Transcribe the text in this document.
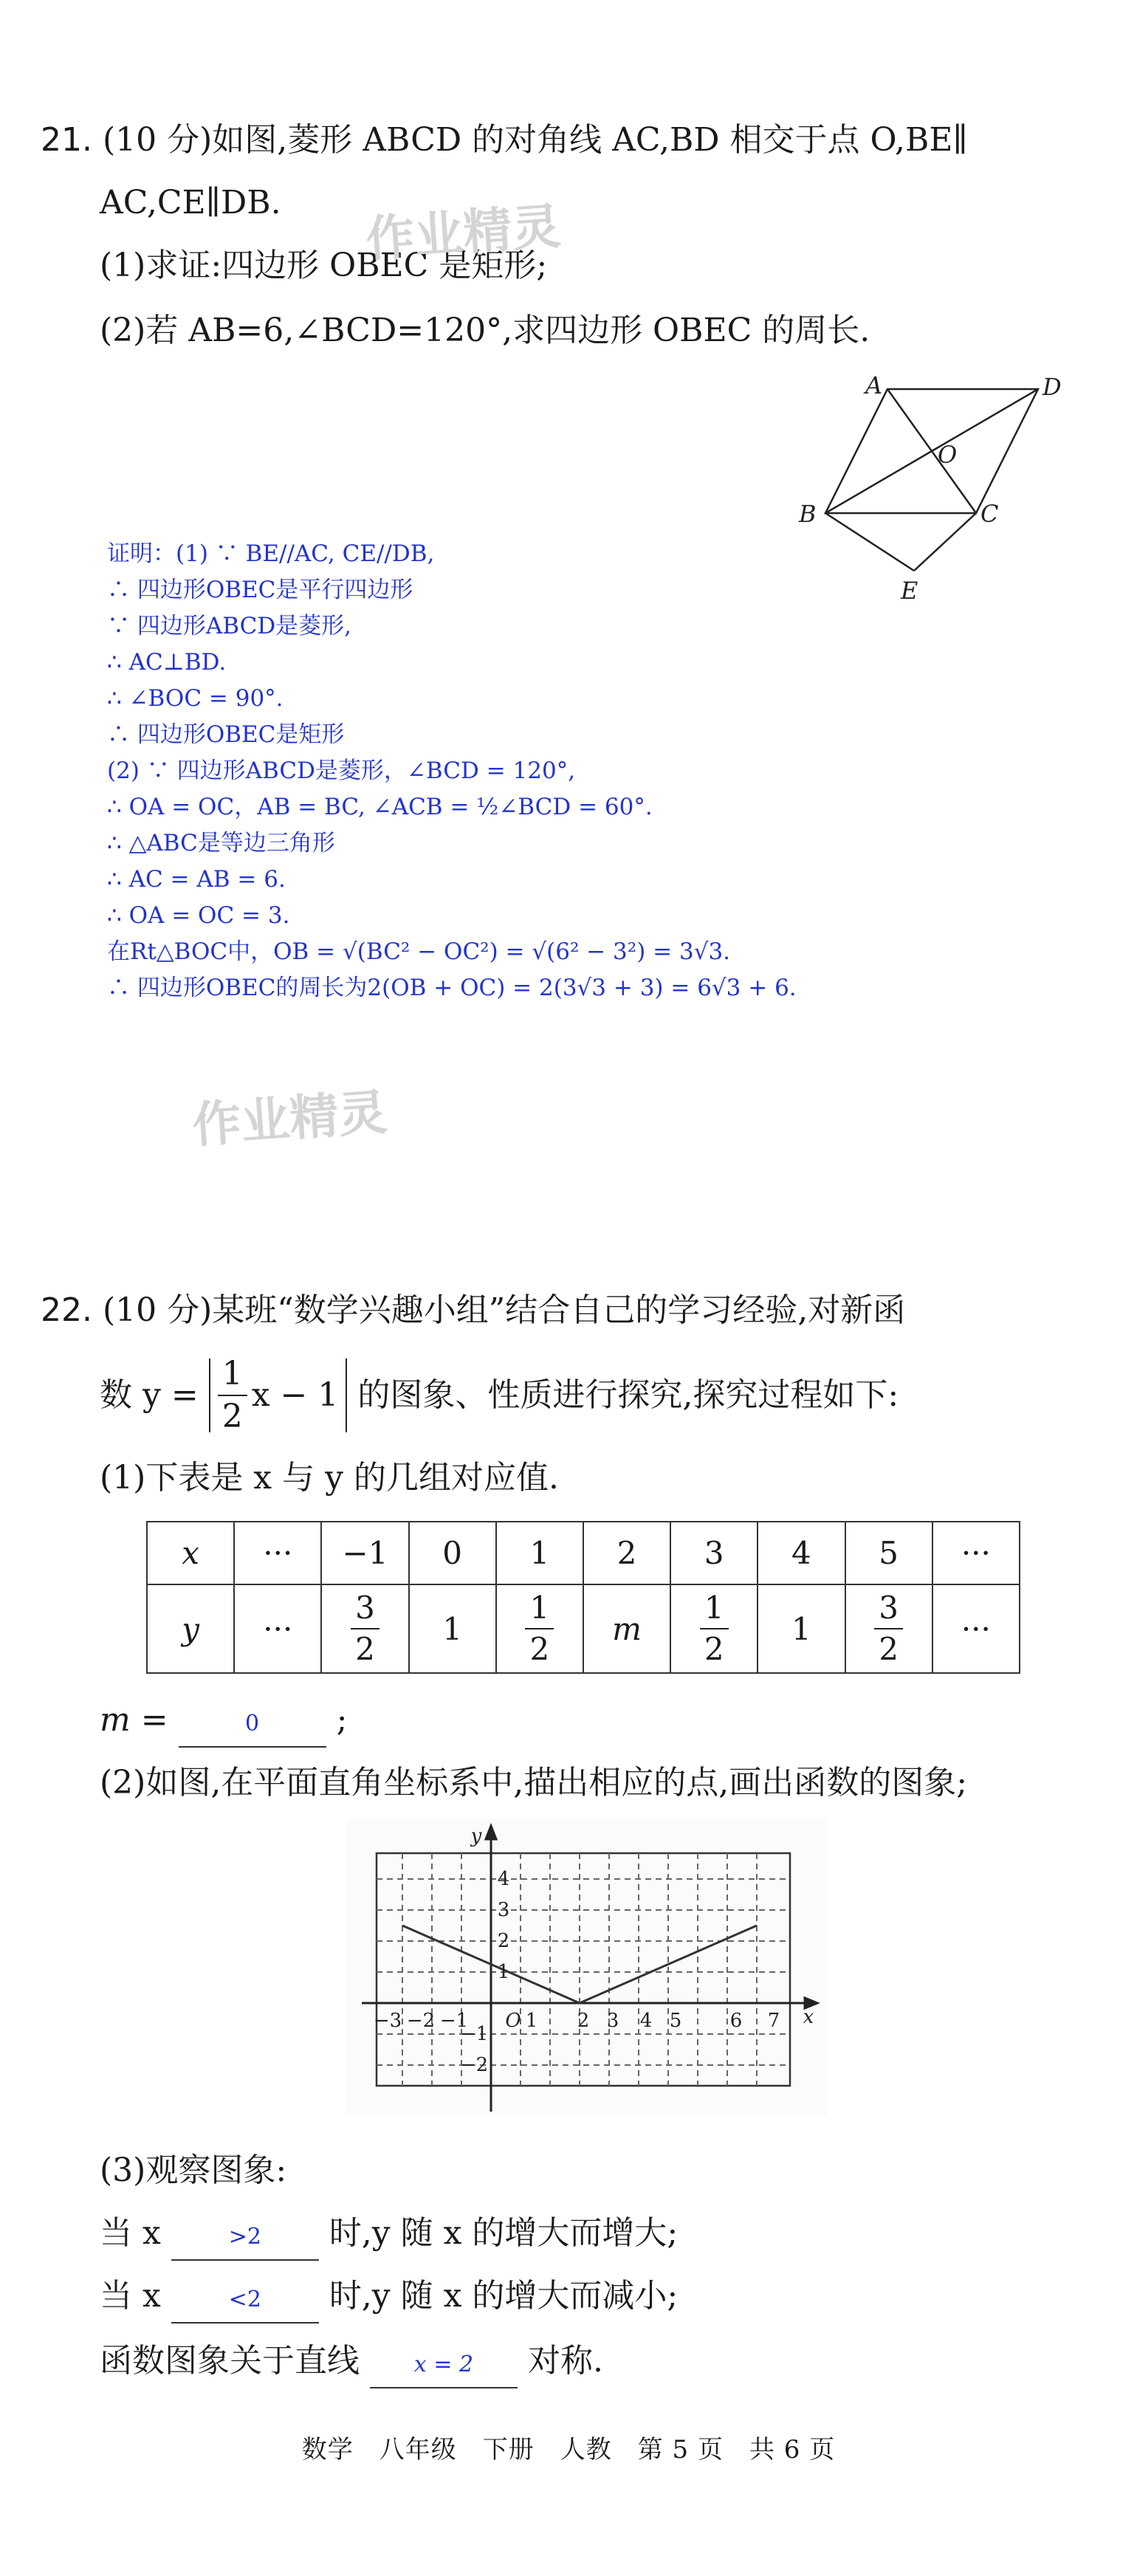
21. (10 分)如图,菱形 ABCD 的对角线 AC,BD 相交于点 O,BE∥
AC,CE∥DB.
(1)求证:四边形 OBEC 是矩形;
(2)若 AB=6,∠BCD=120°,求四边形 OBEC 的周长.
作业精灵
A	D
O
B	C
E
证明：(1) ∵ BE//AC, CE//DB,
∴ 四边形OBEC是平行四边形
∵ 四边形ABCD是菱形,
∴ AC⊥BD.
∴ ∠BOC = 90°.
∴ 四边形OBEC是矩形
(2) ∵ 四边形ABCD是菱形，∠BCD = 120°,
∴ OA = OC，AB = BC, ∠ACB = ½∠BCD = 60°.
∴ △ABC是等边三角形
∴ AC = AB = 6.
∴ OA = OC = 3.
在Rt△BOC中，OB = √(BC² − OC²) = √(6² − 3²) = 3√3.
∴ 四边形OBEC的周长为2(OB + OC) = 2(3√3 + 3) = 6√3 + 6.
作业精灵
22. (10 分)某班“数学兴趣小组”结合自己的学习经验,对新函
数 $y = \frac{1}{2}$ x − 1 的图象、性质进行探究,探究过程如下:
(1)下表是 x 与 y 的几组对应值.
x	···	−1	0	1	2	3	4	5	···
y	···	$\frac{3}{2}$	1	$\frac{1}{2}$	m	$\frac{1}{2}$	1	$\frac{3}{2}$	···
m =	0 ;
(2)如图,在平面直角坐标系中,描出相应的点,画出函数的图象;
−3 −2 −1	1 2 3 4 5	6 7
O
4
3
2
1
−1
−2
x
y
(3)观察图象:
当 x	>2 时,y 随 x 的增大而增大;
当 x	<2 时,y 随 x 的增大而减小;
函数图象关于直线 x = 2 对称.
数学　八年级　下册　人教　第 5 页　共 6 页
